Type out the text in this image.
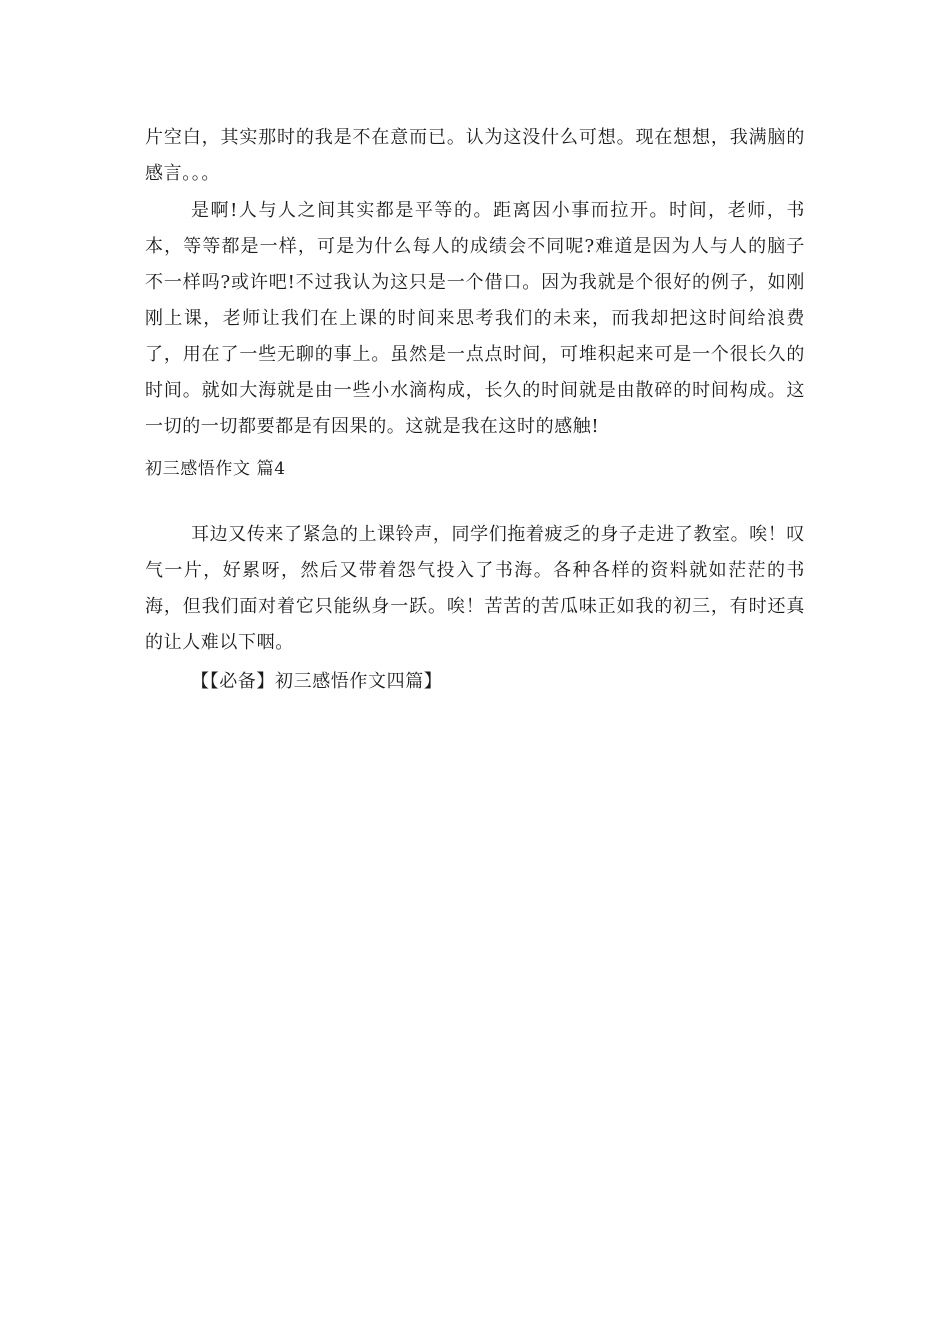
片空白，其实那时的我是不在意而已。认为这没什么可想。现在想想，我满脑的感言。。。

是啊!人与人之间其实都是平等的。距离因小事而拉开。时间，老师，书本，等等都是一样，可是为什么每人的成绩会不同呢?难道是因为人与人的脑子不一样吗?或许吧!不过我认为这只是一个借口。因为我就是个很好的例子，如刚刚上课，老师让我们在上课的时间来思考我们的未来，而我却把这时间给浪费了，用在了一些无聊的事上。虽然是一点点时间，可堆积起来可是一个很长久的时间。就如大海就是由一些小水滴构成，长久的时间就是由散碎的时间构成。这一切的一切都要都是有因果的。这就是我在这时的感触!

初三感悟作文 篇4

耳边又传来了紧急的上课铃声，同学们拖着疲乏的身子走进了教室。唉！叹气一片，好累呀，然后又带着怨气投入了书海。各种各样的资料就如茫茫的书海，但我们面对着它只能纵身一跃。唉！苦苦的苦瓜味正如我的初三，有时还真的让人难以下咽。

【【必备】初三感悟作文四篇】
